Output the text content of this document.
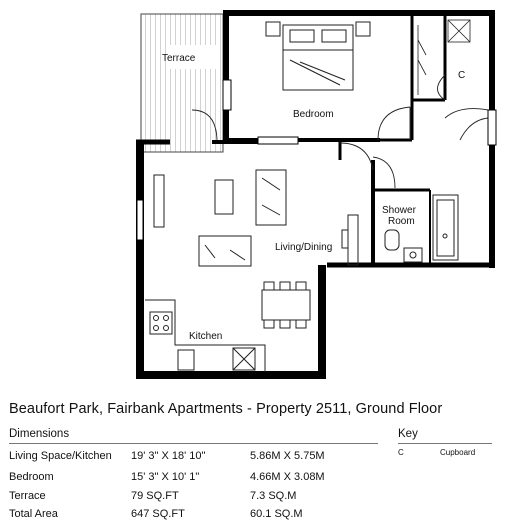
Terrace
Bedroom
C
Shower
Room
Living/Dining
Kitchen
Beaufort Park, Fairbank Apartments - Property 2511, Ground Floor
Dimensions	Key
C	Cupboard
Living Space/Kitchen 19' 3" X 18' 10"	5.86M X 5.75M
Bedroom	15' 3" X 10' 1"	4.66M X 3.08M
Terrace	79 SQ.FT	7.3 SQ.M
Total Area	647 SQ.FT	60.1 SQ.M
